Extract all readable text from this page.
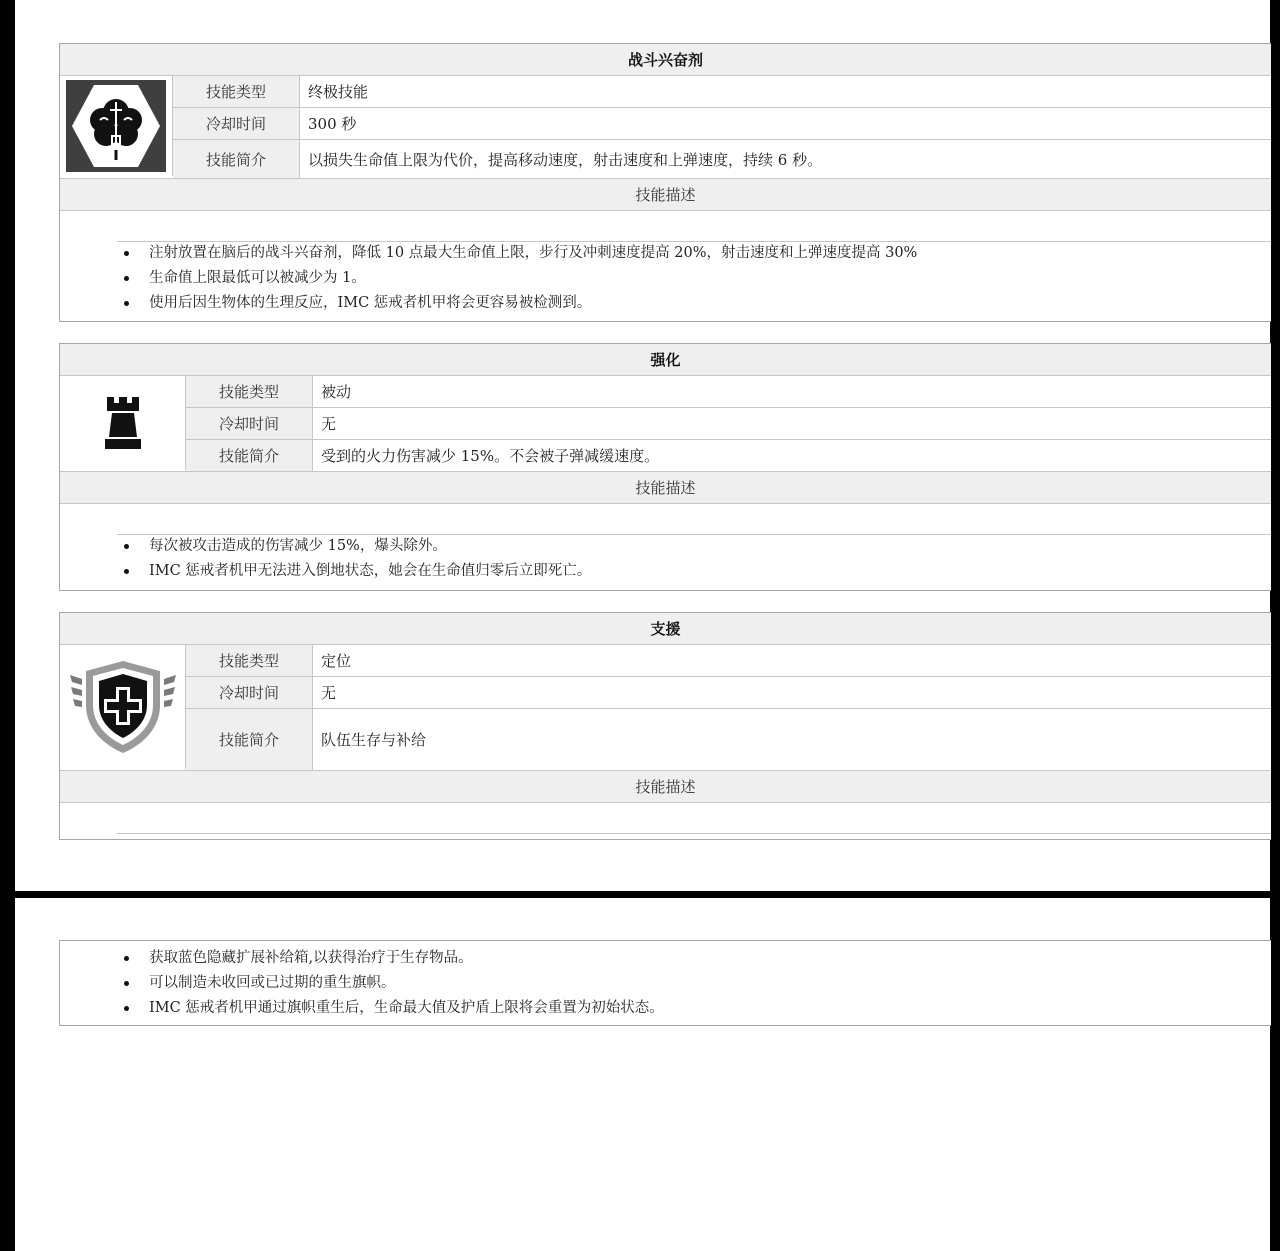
战斗兴奋剂
技能类型	终极技能
冷却时间	300 秒
技能简介	以损失生命值上限为代价，提高移动速度，射击速度和上弹速度，持续 6 秒。
技能描述
注射放置在脑后的战斗兴奋剂，降低 10 点最大生命值上限，步行及冲刺速度提高 20%，射击速度和上弹速度提高 30%
生命值上限最低可以被减少为 1。
使用后因生物体的生理反应，IMC 惩戒者机甲将会更容易被检测到。
强化
技能类型	被动
冷却时间	无
技能简介	受到的火力伤害减少 15%。不会被子弹减缓速度。
技能描述
每次被攻击造成的伤害减少 15%，爆头除外。
IMC 惩戒者机甲无法进入倒地状态，她会在生命值归零后立即死亡。
支援
技能类型	定位
冷却时间	无
技能简介	队伍生存与补给
技能描述
获取蓝色隐藏扩展补给箱,以获得治疗于生存物品。
可以制造未收回或已过期的重生旗帜。
IMC 惩戒者机甲通过旗帜重生后，生命最大值及护盾上限将会重置为初始状态。
